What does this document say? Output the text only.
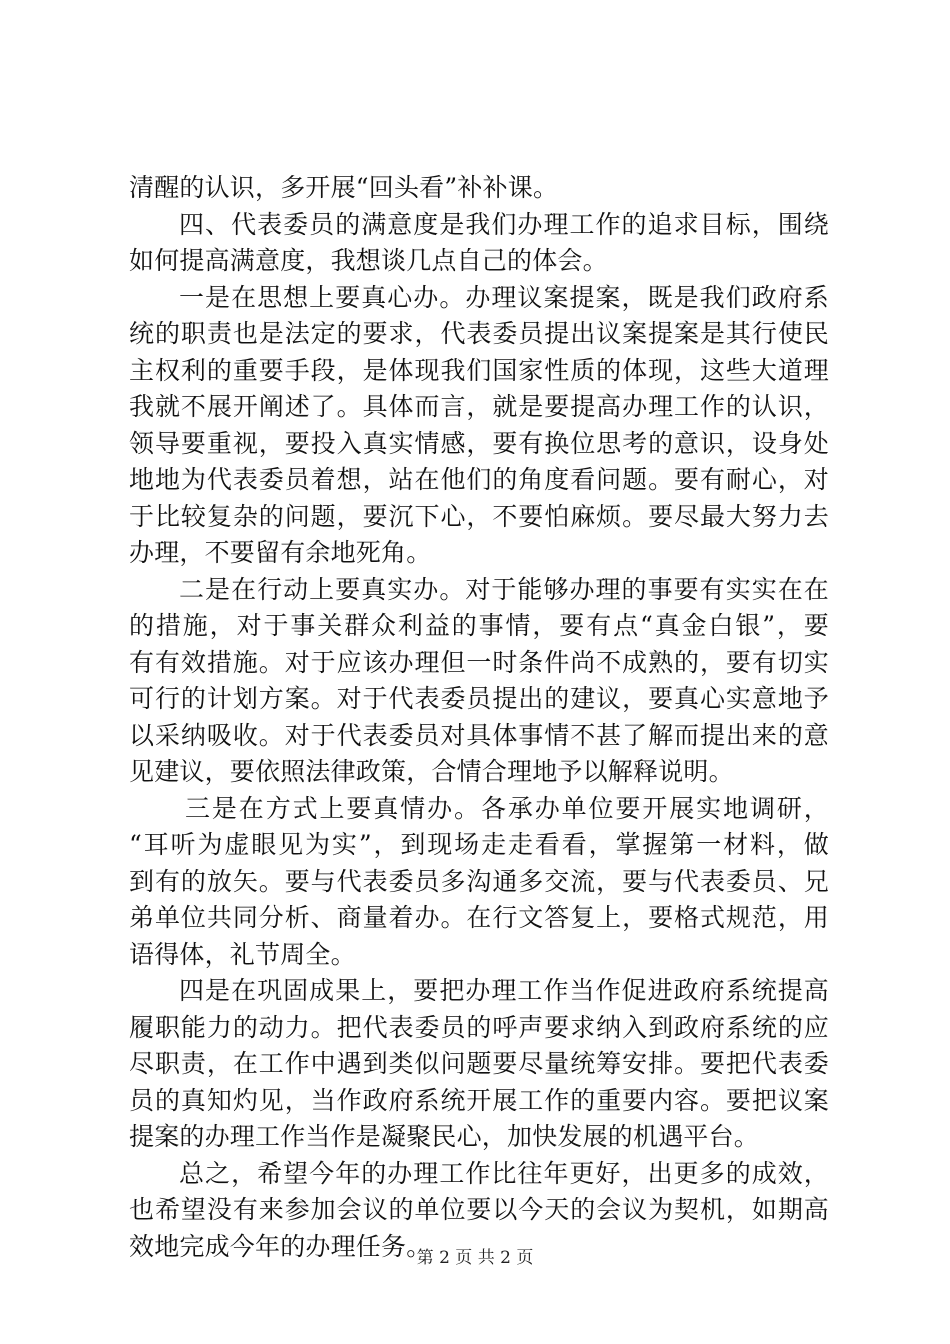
清醒的认识，多开展“回头看”补补课。
四、代表委员的满意度是我们办理工作的追求目标，围绕
如何提高满意度，我想谈几点自己的体会。
一是在思想上要真心办。办理议案提案，既是我们政府系
统的职责也是法定的要求，代表委员提出议案提案是其行使民
主权利的重要手段，是体现我们国家性质的体现，这些大道理
我就不展开阐述了。具体而言，就是要提高办理工作的认识，
领导要重视，要投入真实情感，要有换位思考的意识，设身处
地地为代表委员着想，站在他们的角度看问题。要有耐心，对
于比较复杂的问题，要沉下心，不要怕麻烦。要尽最大努力去
办理，不要留有余地死角。
二是在行动上要真实办。对于能够办理的事要有实实在在
的措施，对于事关群众利益的事情，要有点“真金白银”，要
有有效措施。对于应该办理但一时条件尚不成熟的，要有切实
可行的计划方案。对于代表委员提出的建议，要真心实意地予
以采纳吸收。对于代表委员对具体事情不甚了解而提出来的意
见建议，要依照法律政策，合情合理地予以解释说明。
三是在方式上要真情办。各承办单位要开展实地调研，
“耳听为虚眼见为实”，到现场走走看看，掌握第一材料，做
到有的放矢。要与代表委员多沟通多交流，要与代表委员、兄
弟单位共同分析、商量着办。在行文答复上，要格式规范，用
语得体，礼节周全。
四是在巩固成果上，要把办理工作当作促进政府系统提高
履职能力的动力。把代表委员的呼声要求纳入到政府系统的应
尽职责，在工作中遇到类似问题要尽量统筹安排。要把代表委
员的真知灼见，当作政府系统开展工作的重要内容。要把议案
提案的办理工作当作是凝聚民心，加快发展的机遇平台。
总之，希望今年的办理工作比往年更好，出更多的成效，
也希望没有来参加会议的单位要以今天的会议为契机，如期高
效地完成今年的办理任务。
第 2 页 共 2 页
